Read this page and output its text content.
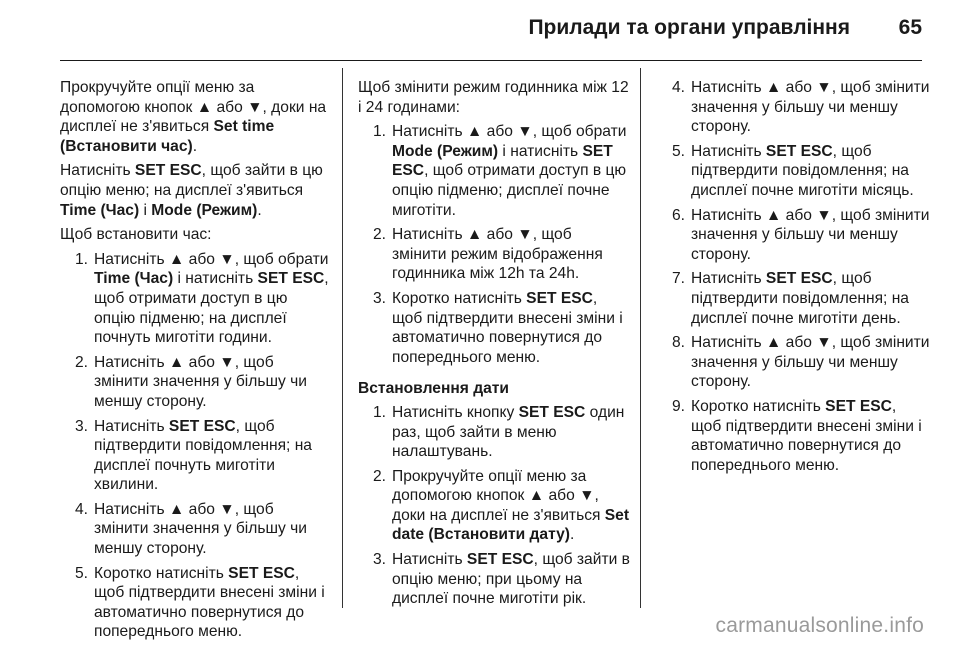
Прилади та органи управління 65

Прокручуйте опції меню за допомогою кнопок ▲ або ▼, доки на дисплеї не з'явиться Set time (Встановити час).

Натисніть SET ESC, щоб зайти в цю опцію меню; на дисплеї з'явиться Time (Час) і Mode (Режим).

Щоб встановити час:

1. Натисніть ▲ або ▼, щоб обрати Time (Час) і натисніть SET ESC, щоб отримати доступ в цю опцію підменю; на дисплеї почнуть миготіти години.
2. Натисніть ▲ або ▼, щоб змінити значення у більшу чи меншу сторону.
3. Натисніть SET ESC, щоб підтвердити повідомлення; на дисплеї почнуть миготіти хвилини.
4. Натисніть ▲ або ▼, щоб змінити значення у більшу чи меншу сторону.
5. Коротко натисніть SET ESC, щоб підтвердити внесені зміни і автоматично повернутися до попереднього меню.

Щоб змінити режим годинника між 12 і 24 годинами:

1. Натисніть ▲ або ▼, щоб обрати Mode (Режим) і натисніть SET ESC, щоб отримати доступ в цю опцію підменю; дисплеї почне миготіти.
2. Натисніть ▲ або ▼, щоб змінити режим відображення годинника між 12h та 24h.
3. Коротко натисніть SET ESC, щоб підтвердити внесені зміни і автоматично повернутися до попереднього меню.
Встановлення дати
1. Натисніть кнопку SET ESC один раз, щоб зайти в меню налаштувань.
2. Прокручуйте опції меню за допомогою кнопок ▲ або ▼, доки на дисплеї не з'явиться Set date (Встановити дату).
3. Натисніть SET ESC, щоб зайти в опцію меню; при цьому на дисплеї почне миготіти рік.
4. Натисніть ▲ або ▼, щоб змінити значення у більшу чи меншу сторону.
5. Натисніть SET ESC, щоб підтвердити повідомлення; на дисплеї почне миготіти місяць.
6. Натисніть ▲ або ▼, щоб змінити значення у більшу чи меншу сторону.
7. Натисніть SET ESC, щоб підтвердити повідомлення; на дисплеї почне миготіти день.
8. Натисніть ▲ або ▼, щоб змінити значення у більшу чи меншу сторону.
9. Коротко натисніть SET ESC, щоб підтвердити внесені зміни і автоматично повернутися до попереднього меню.
carmanualsonline.info
